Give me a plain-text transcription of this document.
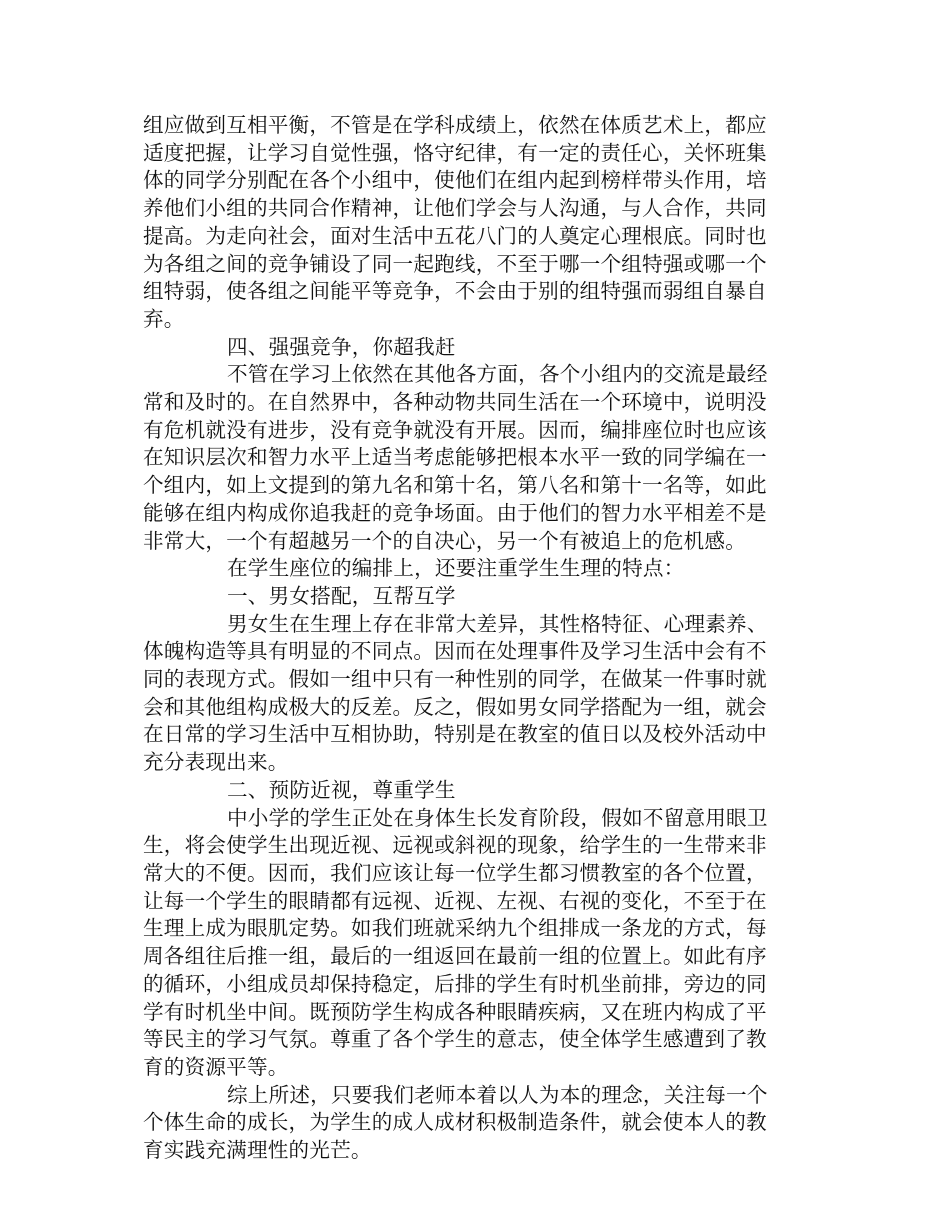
组应做到互相平衡，不管是在学科成绩上，依然在体质艺术上，都应
适度把握，让学习自觉性强，恪守纪律，有一定的责任心，关怀班集
体的同学分别配在各个小组中，使他们在组内起到榜样带头作用，培
养他们小组的共同合作精神，让他们学会与人沟通，与人合作，共同
提高。为走向社会，面对生活中五花八门的人奠定心理根底。同时也
为各组之间的竞争铺设了同一起跑线，不至于哪一个组特强或哪一个
组特弱，使各组之间能平等竞争，不会由于别的组特强而弱组自暴自
弃。

四、强强竞争，你超我赶

不管在学习上依然在其他各方面，各个小组内的交流是最经
常和及时的。在自然界中，各种动物共同生活在一个环境中，说明没
有危机就没有进步，没有竞争就没有开展。因而，编排座位时也应该
在知识层次和智力水平上适当考虑能够把根本水平一致的同学编在一
个组内，如上文提到的第九名和第十名，第八名和第十一名等，如此
能够在组内构成你追我赶的竞争场面。由于他们的智力水平相差不是
非常大，一个有超越另一个的自决心，另一个有被追上的危机感。

在学生座位的编排上，还要注重学生生理的特点：

一、男女搭配，互帮互学

男女生在生理上存在非常大差异，其性格特征、心理素养、
体魄构造等具有明显的不同点。因而在处理事件及学习生活中会有不
同的表现方式。假如一组中只有一种性别的同学，在做某一件事时就
会和其他组构成极大的反差。反之，假如男女同学搭配为一组，就会
在日常的学习生活中互相协助，特别是在教室的值日以及校外活动中
充分表现出来。

二、预防近视，尊重学生

中小学的学生正处在身体生长发育阶段，假如不留意用眼卫
生，将会使学生出现近视、远视或斜视的现象，给学生的一生带来非
常大的不便。因而，我们应该让每一位学生都习惯教室的各个位置，
让每一个学生的眼睛都有远视、近视、左视、右视的变化，不至于在
生理上成为眼肌定势。如我们班就采纳九个组排成一条龙的方式，每
周各组往后推一组，最后的一组返回在最前一组的位置上。如此有序
的循环，小组成员却保持稳定，后排的学生有时机坐前排，旁边的同
学有时机坐中间。既预防学生构成各种眼睛疾病，又在班内构成了平
等民主的学习气氛。尊重了各个学生的意志，使全体学生感遭到了教
育的资源平等。

综上所述，只要我们老师本着以人为本的理念，关注每一个
个体生命的成长，为学生的成人成材积极制造条件，就会使本人的教
育实践充满理性的光芒。
